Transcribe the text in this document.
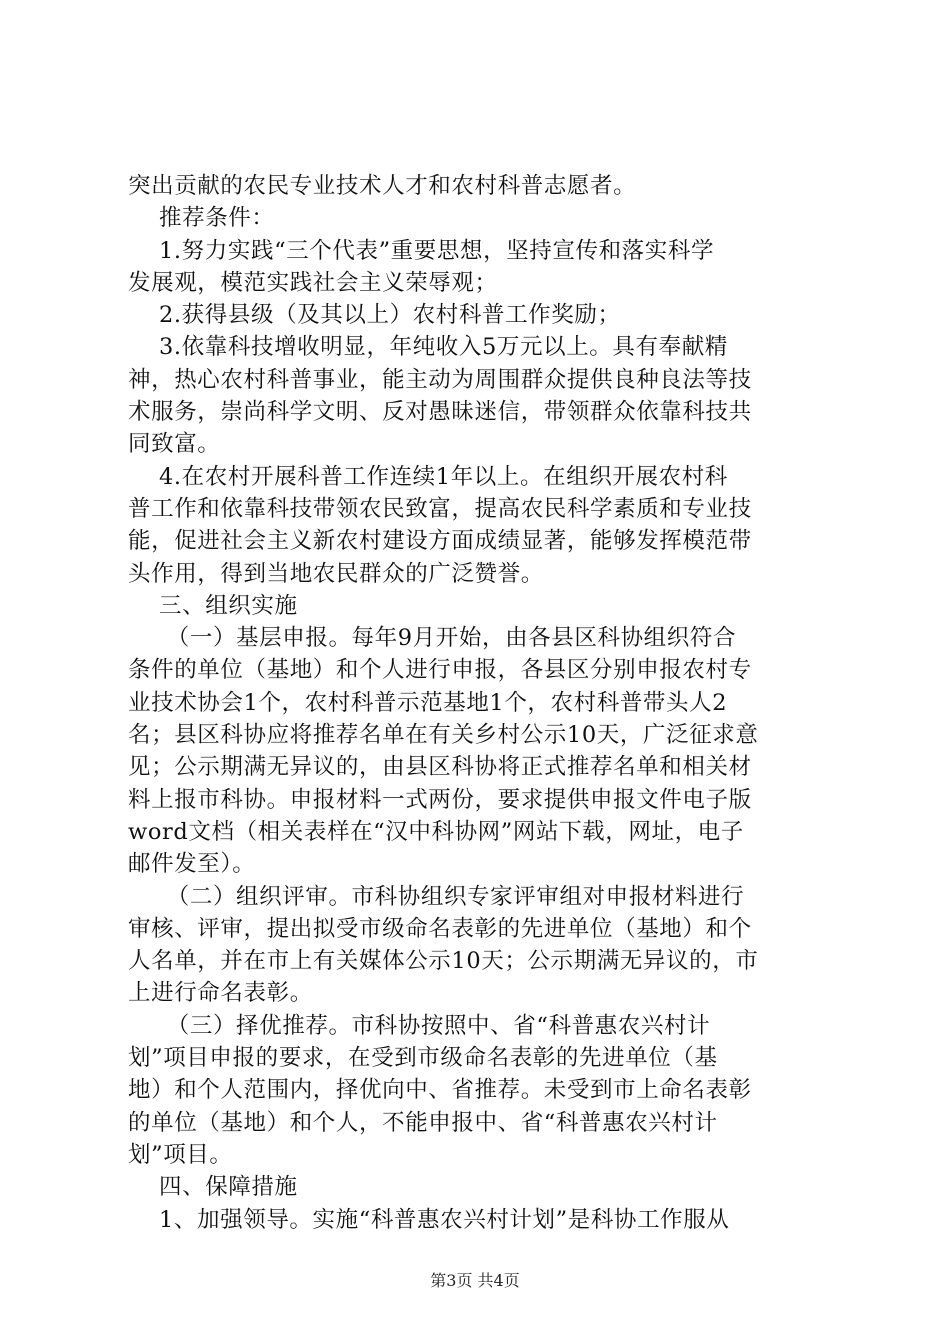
突出贡献的农民专业技术人才和农村科普志愿者。
推荐条件：
1.努力实践“三个代表”重要思想，坚持宣传和落实科学
发展观，模范实践社会主义荣辱观；
2.获得县级（及其以上）农村科普工作奖励；
3.依靠科技增收明显，年纯收入5万元以上。具有奉献精
神，热心农村科普事业，能主动为周围群众提供良种良法等技
术服务，崇尚科学文明、反对愚昧迷信，带领群众依靠科技共
同致富。
4.在农村开展科普工作连续1年以上。在组织开展农村科
普工作和依靠科技带领农民致富，提高农民科学素质和专业技
能，促进社会主义新农村建设方面成绩显著，能够发挥模范带
头作用，得到当地农民群众的广泛赞誉。
三、组织实施
（一）基层申报。每年9月开始，由各县区科协组织符合
条件的单位（基地）和个人进行申报，各县区分别申报农村专
业技术协会1个，农村科普示范基地1个，农村科普带头人2
名；县区科协应将推荐名单在有关乡村公示10天，广泛征求意
见；公示期满无异议的，由县区科协将正式推荐名单和相关材
料上报市科协。申报材料一式两份，要求提供申报文件电子版
word文档（相关表样在“汉中科协网”网站下载，网址，电子
邮件发至）。
（二）组织评审。市科协组织专家评审组对申报材料进行
审核、评审，提出拟受市级命名表彰的先进单位（基地）和个
人名单，并在市上有关媒体公示10天；公示期满无异议的，市
上进行命名表彰。
（三）择优推荐。市科协按照中、省“科普惠农兴村计
划”项目申报的要求，在受到市级命名表彰的先进单位（基
地）和个人范围内，择优向中、省推荐。未受到市上命名表彰
的单位（基地）和个人，不能申报中、省“科普惠农兴村计
划”项目。
四、保障措施
1、加强领导。实施“科普惠农兴村计划”是科协工作服从
第3页 共4页
